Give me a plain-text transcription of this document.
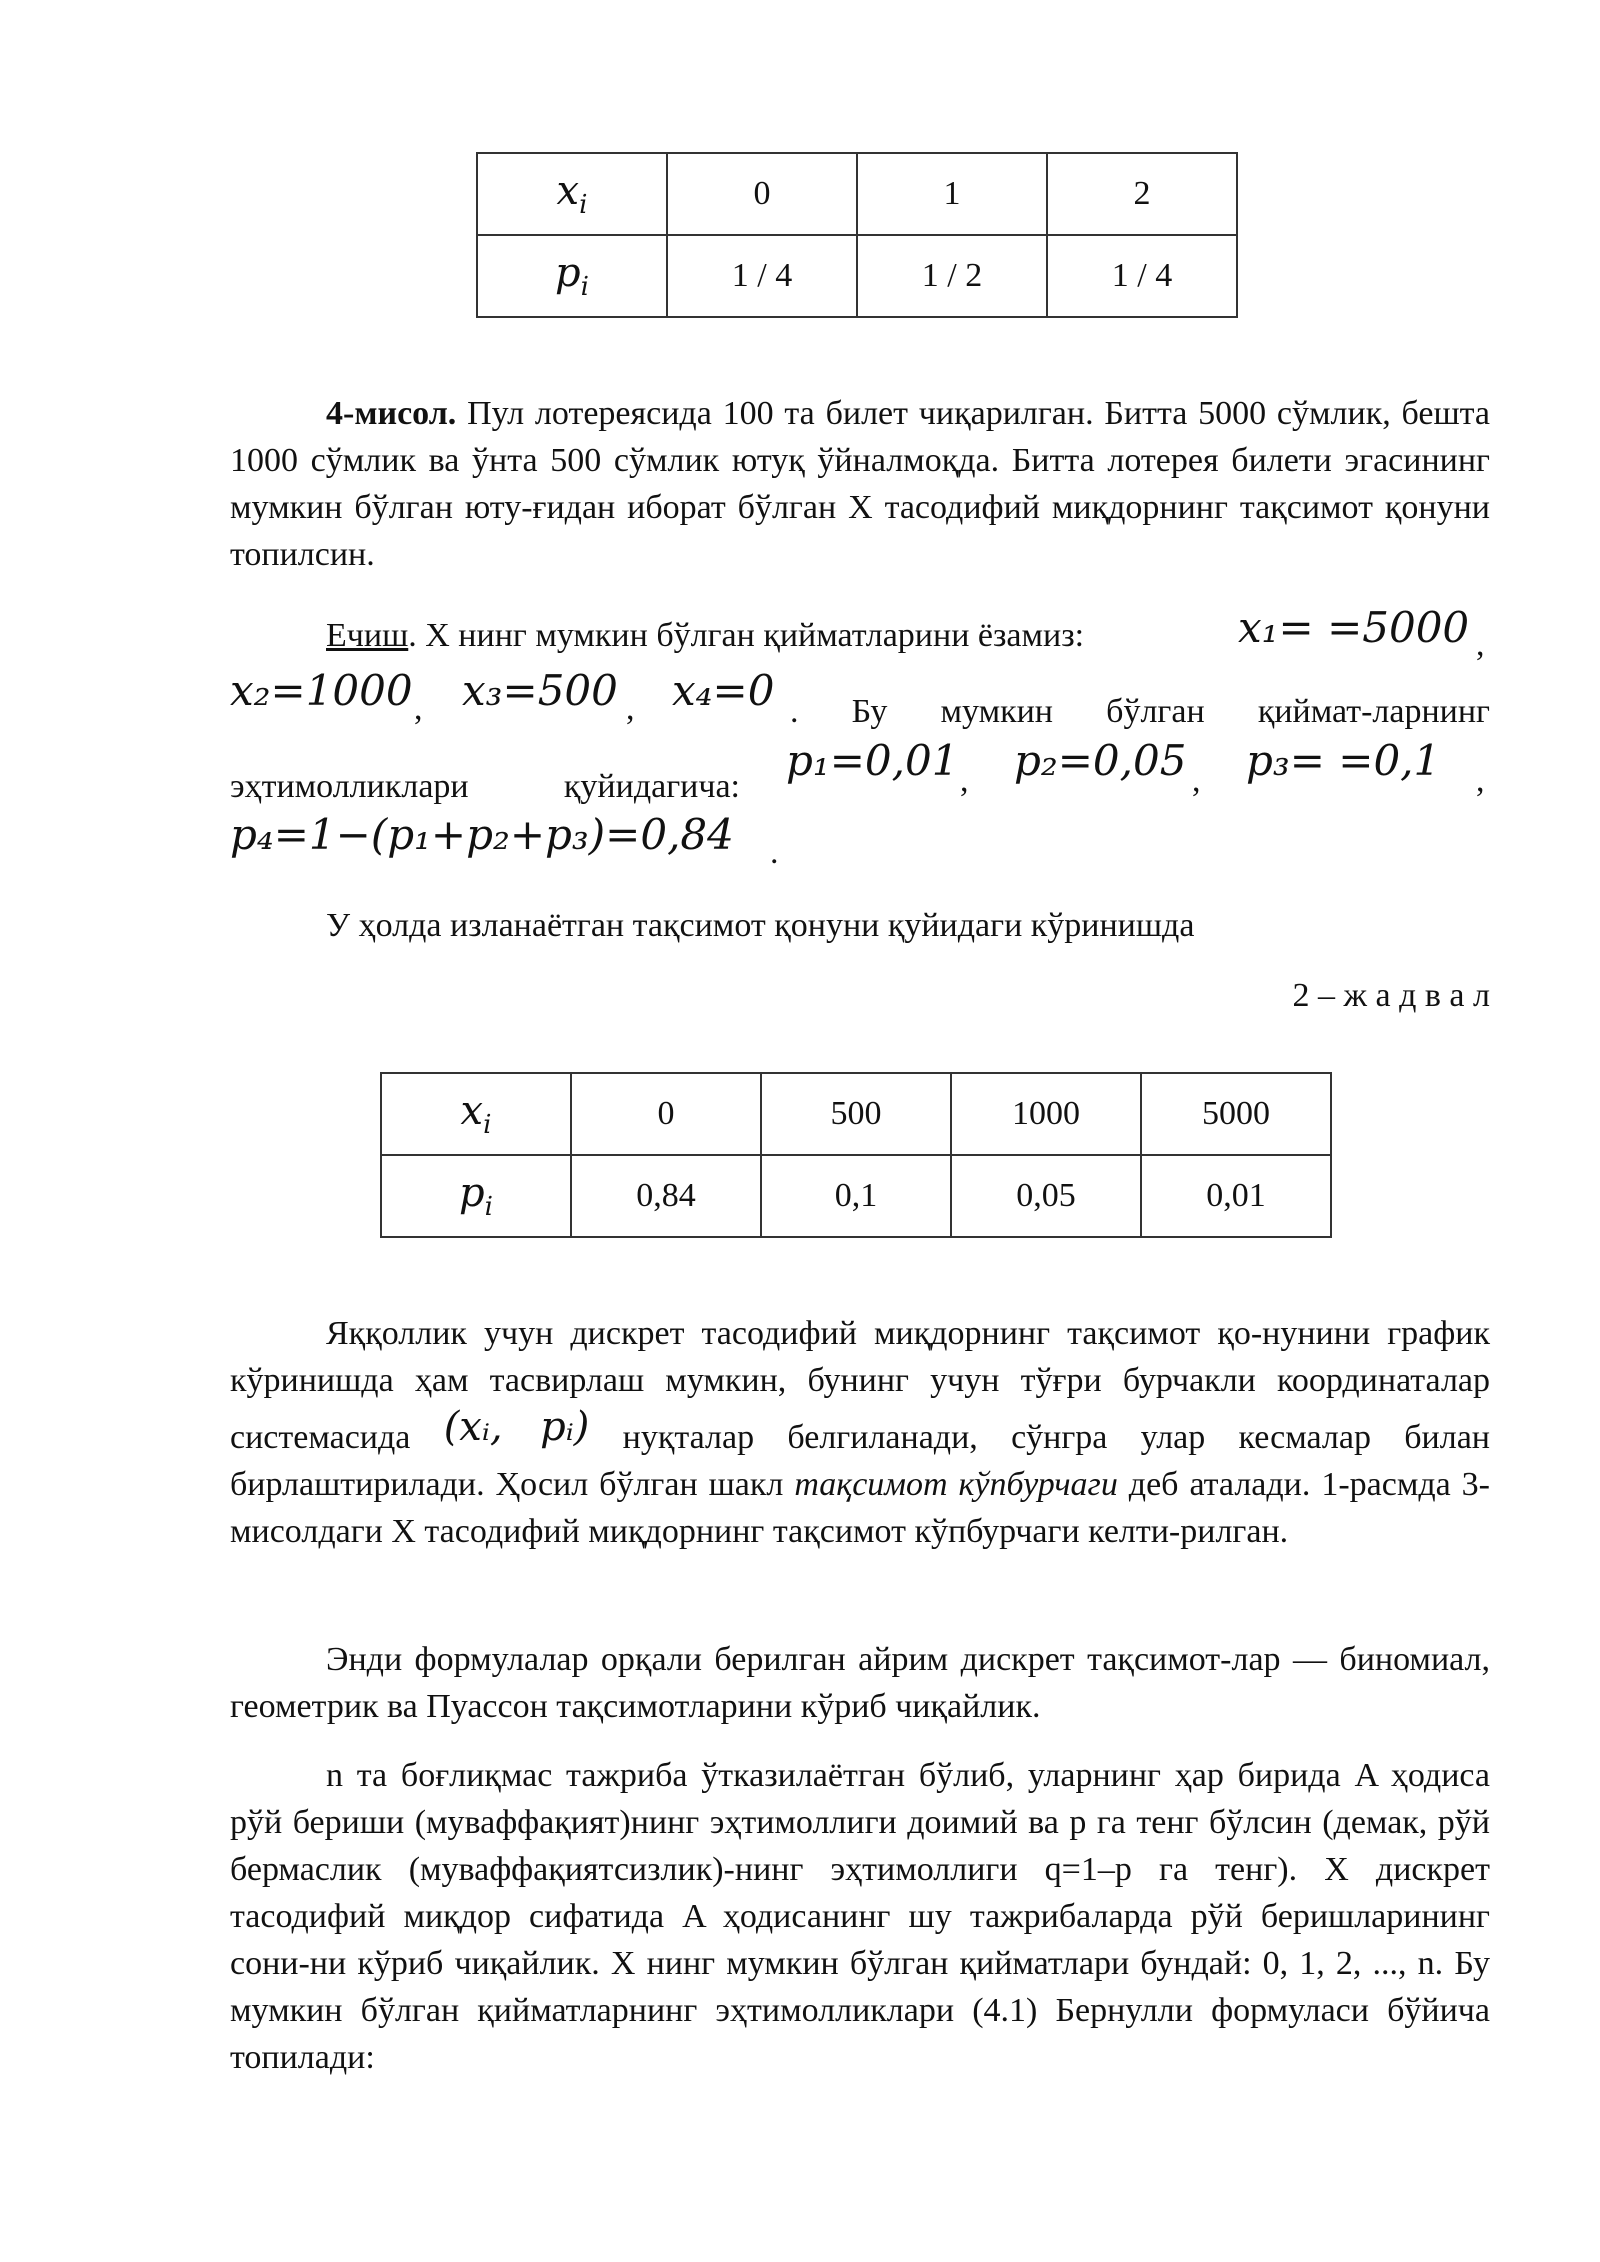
$x_i$	0	1	2
$p_i$	1 / 4	1 / 2	1 / 4
4-мисол. Пул лотереясида 100 та билет чиқарилган. Битта 5000 сўмлик, бешта 1000 сўмлик ва ўнта 500 сўмлик ютуқ ўйналмоқда. Битта лотерея билети эгасининг мумкин бўлган юту-ғидан иборат бўлган X тасодифий миқдорнинг тақсимот қонуни топилсин.
Ечиш. X нинг мумкин бўлган қийматларини ёзамиз:	x₁= =5000 ,
x₂=1000 , x₃=500 , x₄=0 . Бу мумкин бўлган қиймат-ларнинг
эҳтимолликлари қуйидагича:
p₁=0,01 , p₂=0,05 , p₃= =0,1 ,
p₄=1−(p₁+p₂+p₃)=0,84 .
У ҳолда изланаётган тақсимот қонуни қуйидаги кўринишда
2 – ж а д в а л
$x_i$	0	500	1000	5000
$p_i$	0,84	0,1	0,05	0,01
Яққоллик учун дискрет тасодифий миқдорнинг тақсимот қо-нунини график кўринишда ҳам тасвирлаш мумкин, бунинг учун тўғри бурчакли координаталар системасида (xᵢ, pᵢ) нуқталар белгиланади, сўнгра улар кесмалар билан бирлаштирилади. Ҳосил бўлган шакл тақсимот кўпбурчаги деб аталади. 1-расмда 3-мисолдаги X тасодифий миқдорнинг тақсимот кўпбурчаги келти-рилган.
Энди формулалар орқали берилган айрим дискрет тақсимот-лар — биномиал, геометрик ва Пуассон тақсимотларини кўриб чиқайлик.
n та боғлиқмас тажриба ўтказилаётган бўлиб, уларнинг ҳар бирида A ҳодиса рўй бериши (муваффақият)нинг эҳтимоллиги доимий ва p га тенг бўлсин (демак, рўй бермаслик (муваффақиятсизлик)-нинг эҳтимоллиги q=1–p га тенг). X дискрет тасодифий миқдор сифатида A ҳодисанинг шу тажрибаларда рўй беришларининг сони-ни кўриб чиқайлик. X нинг мумкин бўлган қийматлари бундай: 0, 1, 2, ..., n. Бу мумкин бўлган қийматларнинг эҳтимолликлари (4.1) Бернулли формуласи бўйича топилади:
